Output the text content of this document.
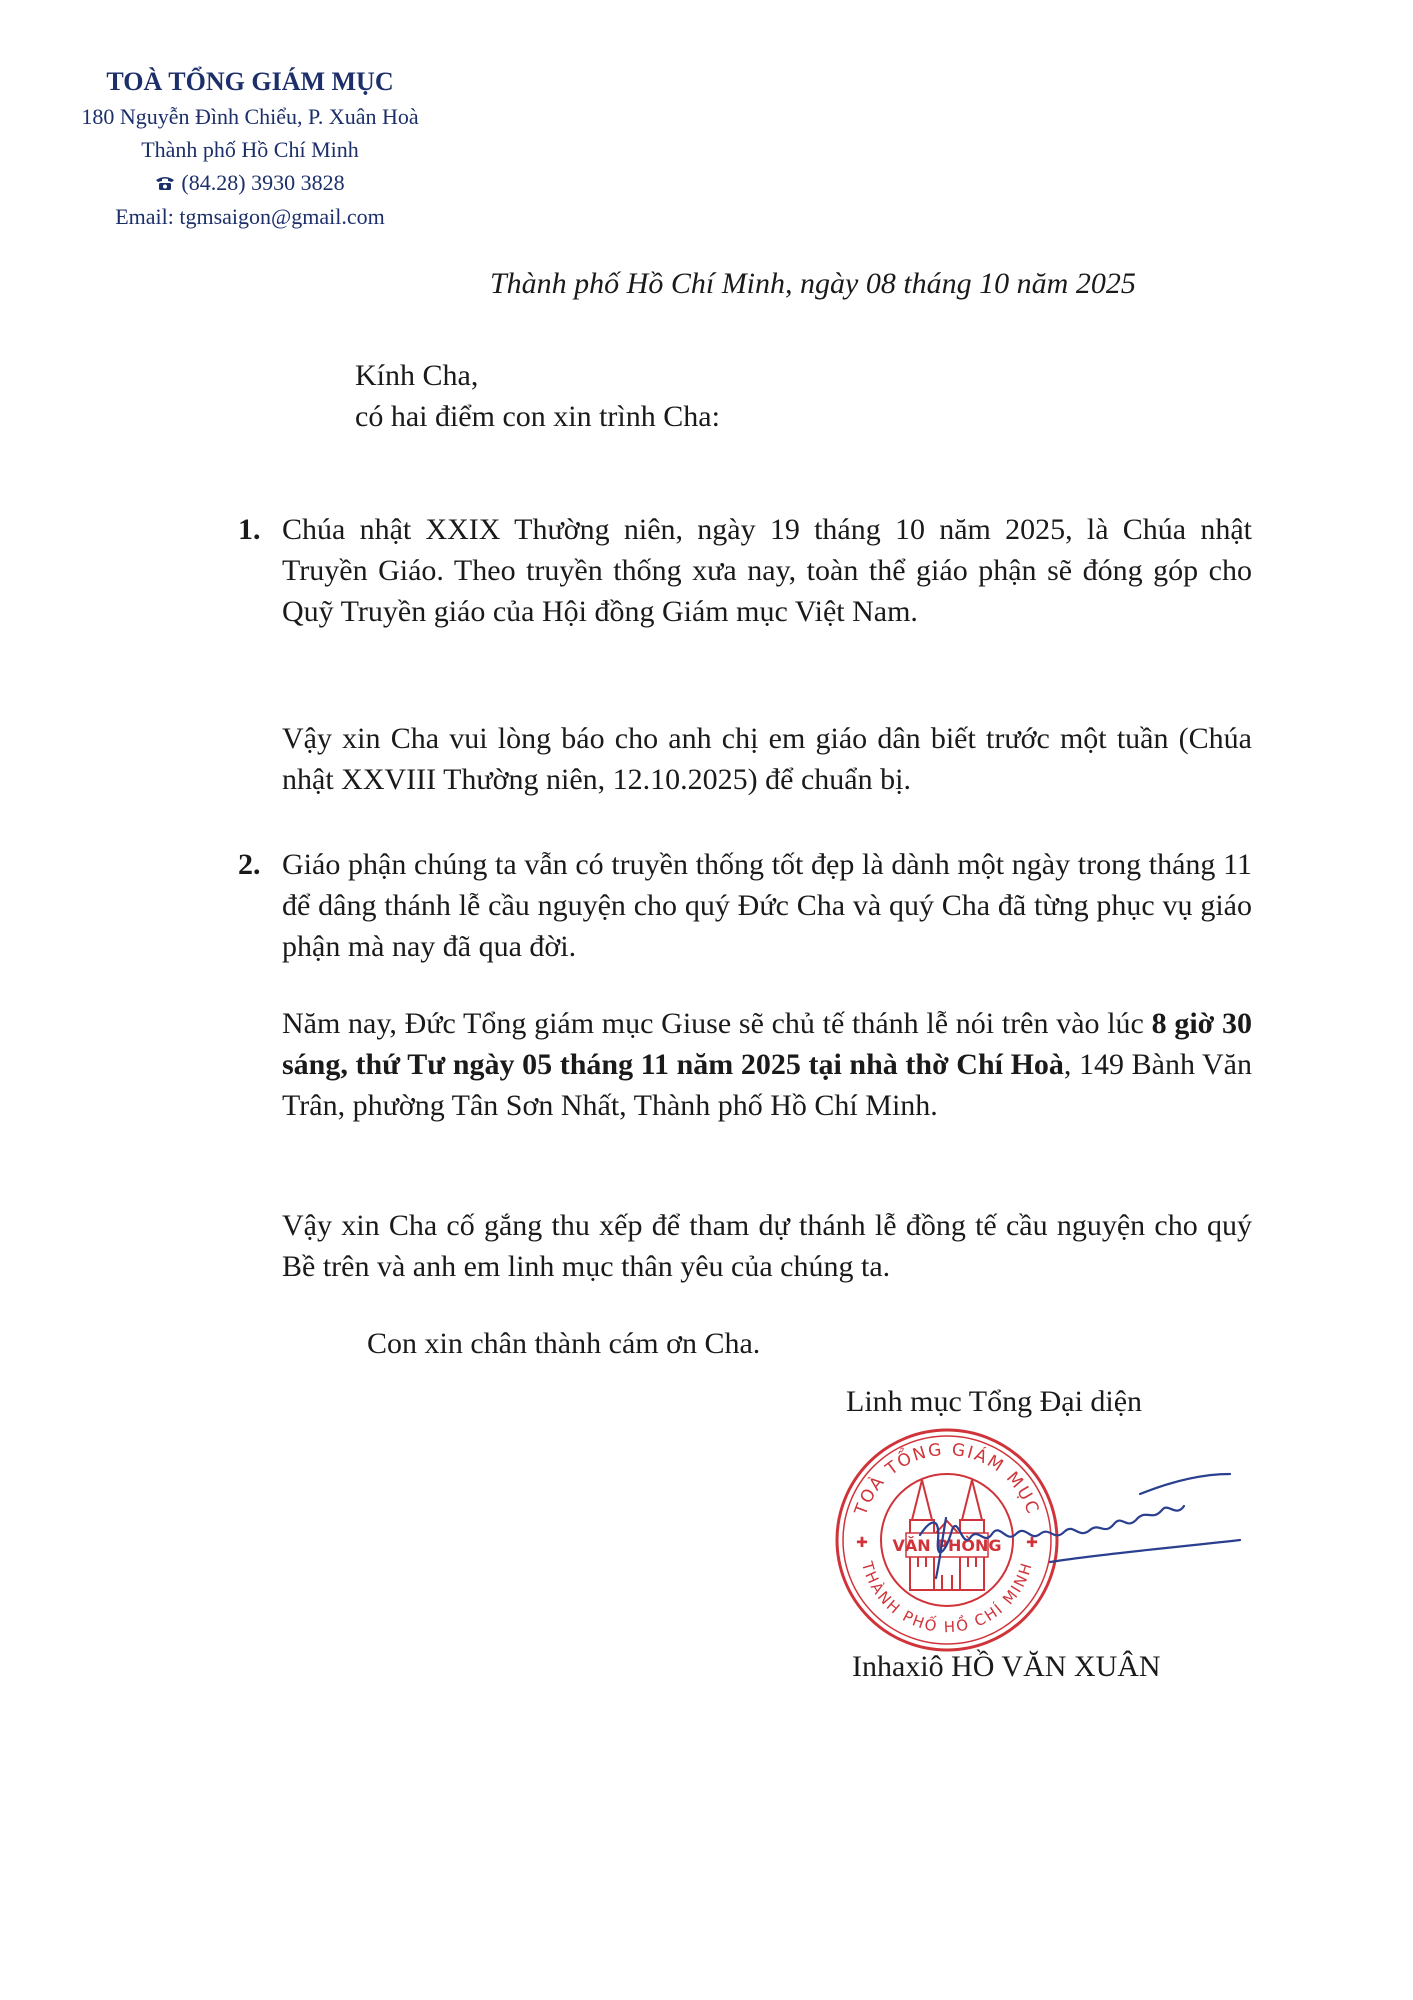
TOÀ TỔNG GIÁM MỤC
180 Nguyễn Đình Chiểu, P. Xuân Hoà
Thành phố Hồ Chí Minh
(84.28) 3930 3828
Email: tgmsaigon@gmail.com
Thành phố Hồ Chí Minh, ngày 08 tháng 10 năm 2025
Kính Cha,
có hai điểm con xin trình Cha:
1. Chúa nhật XXIX Thường niên, ngày 19 tháng 10 năm 2025, là Chúa nhật Truyền Giáo. Theo truyền thống xưa nay, toàn thể giáo phận sẽ đóng góp cho Quỹ Truyền giáo của Hội đồng Giám mục Việt Nam.
Vậy xin Cha vui lòng báo cho anh chị em giáo dân biết trước một tuần (Chúa nhật XXVIII Thường niên, 12.10.2025) để chuẩn bị.
2. Giáo phận chúng ta vẫn có truyền thống tốt đẹp là dành một ngày trong tháng 11 để dâng thánh lễ cầu nguyện cho quý Đức Cha và quý Cha đã từng phục vụ giáo phận mà nay đã qua đời.
Năm nay, Đức Tổng giám mục Giuse sẽ chủ tế thánh lễ nói trên vào lúc 8 giờ 30 sáng, thứ Tư ngày 05 tháng 11 năm 2025 tại nhà thờ Chí Hoà, 149 Bành Văn Trân, phường Tân Sơn Nhất, Thành phố Hồ Chí Minh.
Vậy xin Cha cố gắng thu xếp để tham dự thánh lễ đồng tế cầu nguyện cho quý Bề trên và anh em linh mục thân yêu của chúng ta.
Con xin chân thành cám ơn Cha.
Linh mục Tổng Đại diện
TOÀ TỔNG GIÁM MỤC
THÀNH PHỐ HỒ CHÍ MINH
VĂN PHÒNG
✚	✚
Inhaxiô HỒ VĂN XUÂN
